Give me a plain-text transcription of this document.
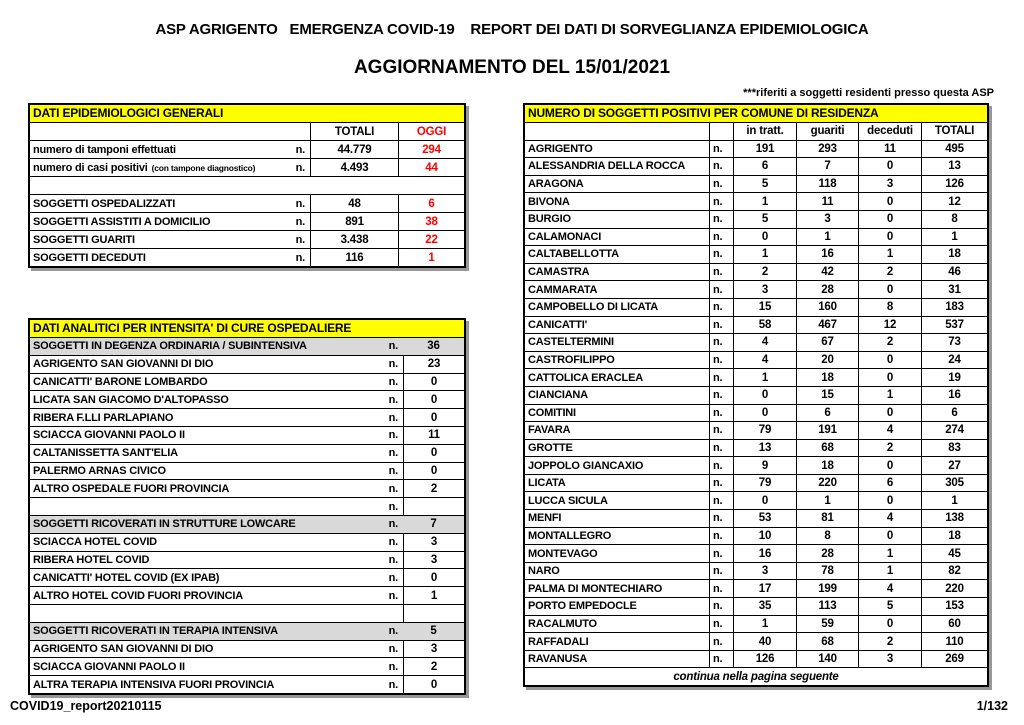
ASP AGRIGENTO   EMERGENZA COVID-19    REPORT DEI DATI DI SORVEGLIANZA EPIDEMIOLOGICA
AGGIORNAMENTO DEL 15/01/2021
***riferiti a soggetti residenti presso questa ASP
DATI EPIDEMIOLOGICI GENERALI
TOTALI	OGGI
numero di tamponi effettuati	n.	44.779	294
numero di casi positivi (con tampone diagnostico)	n.	4.493	44
SOGGETTI OSPEDALIZZATI	n.	48	6
SOGGETTI ASSISTITI A DOMICILIO	n.	891	38
SOGGETTI GUARITI	n.	3.438	22
SOGGETTI DECEDUTI	n.	116	1
DATI ANALITICI PER INTENSITA' DI CURE OSPEDALIERE
SOGGETTI IN DEGENZA ORDINARIA / SUBINTENSIVA	n.	36
AGRIGENTO SAN GIOVANNI DI DIO	n.	23
CANICATTI' BARONE LOMBARDO	n.	0
LICATA SAN GIACOMO D'ALTOPASSO	n.	0
RIBERA F.LLI PARLAPIANO	n.	0
SCIACCA GIOVANNI PAOLO II	n.	11
CALTANISSETTA SANT'ELIA	n.	0
PALERMO ARNAS CIVICO	n.	0
ALTRO OSPEDALE FUORI PROVINCIA	n.	2
n.
SOGGETTI RICOVERATI IN STRUTTURE LOWCARE	n.	7
SCIACCA HOTEL COVID	n.	3
RIBERA HOTEL COVID	n.	3
CANICATTI' HOTEL COVID (EX IPAB)	n.	0
ALTRO HOTEL COVID FUORI PROVINCIA	n.	1
SOGGETTI RICOVERATI IN TERAPIA INTENSIVA	n.	5
AGRIGENTO SAN GIOVANNI DI DIO	n.	3
SCIACCA GIOVANNI PAOLO II	n.	2
ALTRA TERAPIA INTENSIVA FUORI PROVINCIA	n.	0
NUMERO DI SOGGETTI POSITIVI PER COMUNE DI RESIDENZA
in tratt.	guariti	deceduti	TOTALI
AGRIGENTO	n.	191	293	11	495
ALESSANDRIA DELLA ROCCA	n.	6	7	0	13
ARAGONA	n.	5	118	3	126
BIVONA	n.	1	11	0	12
BURGIO	n.	5	3	0	8
CALAMONACI	n.	0	1	0	1
CALTABELLOTTA	n.	1	16	1	18
CAMASTRA	n.	2	42	2	46
CAMMARATA	n.	3	28	0	31
CAMPOBELLO DI LICATA	n.	15	160	8	183
CANICATTI'	n.	58	467	12	537
CASTELTERMINI	n.	4	67	2	73
CASTROFILIPPO	n.	4	20	0	24
CATTOLICA ERACLEA	n.	1	18	0	19
CIANCIANA	n.	0	15	1	16
COMITINI	n.	0	6	0	6
FAVARA	n.	79	191	4	274
GROTTE	n.	13	68	2	83
JOPPOLO GIANCAXIO	n.	9	18	0	27
LICATA	n.	79	220	6	305
LUCCA SICULA	n.	0	1	0	1
MENFI	n.	53	81	4	138
MONTALLEGRO	n.	10	8	0	18
MONTEVAGO	n.	16	28	1	45
NARO	n.	3	78	1	82
PALMA DI MONTECHIARO	n.	17	199	4	220
PORTO EMPEDOCLE	n.	35	113	5	153
RACALMUTO	n.	1	59	0	60
RAFFADALI	n.	40	68	2	110
RAVANUSA	n.	126	140	3	269
continua nella pagina seguente
COVID19_report20210115	1/132
